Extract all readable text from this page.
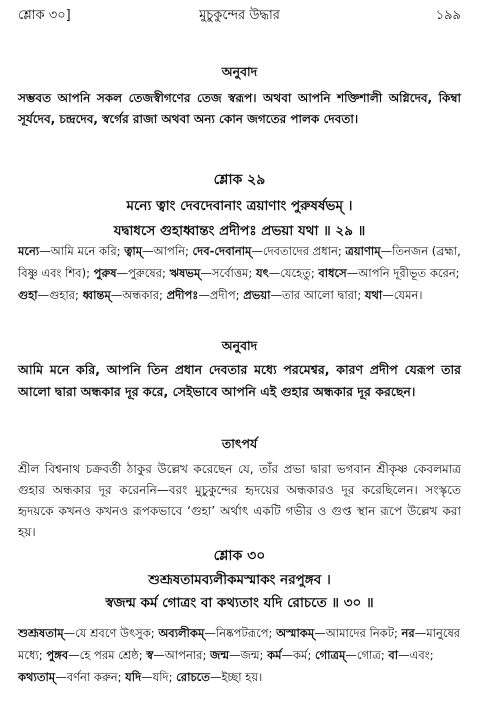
শ্লোক ৩০]	মুচুকুন্দের উদ্ধার	১৯৯
অনুবাদ
সম্ভবত আপনি সকল তেজস্বীগণের তেজ স্বরূপ। অথবা আপনি শক্তিশালী অগ্নিদেব, কিম্বা সূর্যদেব, চন্দ্রদেব, স্বর্গের রাজা অথবা অন্য কোন জগতের পালক দেবতা।
শ্লোক ২৯
মন্যে ত্বাং দেবদেবানাং ত্রয়াণাং পুরুষর্ষভম্ ।
যদ্বাধসে গুহাধ্বান্তং প্রদীপঃ প্রভয়া যথা ॥ ২৯ ॥
মন্যে—আমি মনে করি; ত্বাম্—আপনি; দেব-দেবানাম্—দেবতাদের প্রধান; ত্রয়াণাম্—তিনজন (ব্রহ্মা, বিষ্ণু এবং শিব); পুরুষ—পুরুষের; ঋষভম্—সর্বোত্তম; যৎ—যেহেতু; বাধসে—আপনি দূরীভূত করেন; গুহা—গুহার; ধ্বান্তম্—অন্ধকার; প্রদীপঃ—প্রদীপ; প্রভয়া—তার আলো দ্বারা; যথা—যেমন।
অনুবাদ
আমি মনে করি, আপনি তিন প্রধান দেবতার মধ্যে পরমেশ্বর, কারণ প্রদীপ যেরূপ তার আলো দ্বারা অন্ধকার দূর করে, সেইভাবে আপনি এই গুহার অন্ধকার দূর করছেন।
তাৎপর্য
শ্রীল বিশ্বনাথ চক্রবর্তী ঠাকুর উল্লেখ করেছেন যে, তাঁর প্রভা দ্বারা ভগবান শ্রীকৃষ্ণ কেবলমাত্র গুহার অন্ধকার দূর করেননি—বরং মুচুকুন্দের হৃদয়ের অন্ধকারও দূর করেছিলেন। সংস্কৃতে হৃদয়কে কখনও কখনও রূপকভাবে ‘গুহা’ অর্থাৎ একটি গভীর ও গুপ্ত স্থান রূপে উল্লেখ করা হয়।
শ্লোক ৩০
শুশ্রূষতামব্যলীকমস্মাকং নরপুঙ্গব ।
স্বজন্ম কর্ম গোত্রং বা কথ্যতাং যদি রোচতে ॥ ৩০ ॥
শুশ্রূষতাম্—যে শ্রবণে উৎসুক; অব্যলীকম্—নিষ্কপটরূপে; অস্মাকম্—আমাদের নিকট; নর—মানুষের মধ্যে; পুঙ্গব—হে পরম শ্রেষ্ঠ; স্ব—আপনার; জন্ম—জন্ম; কর্ম—কর্ম; গোত্রম্—গোত্র; বা—এবং; কথ্যতাম্—বর্ণনা করুন; যদি—যদি; রোচতে—ইচ্ছা হয়।
